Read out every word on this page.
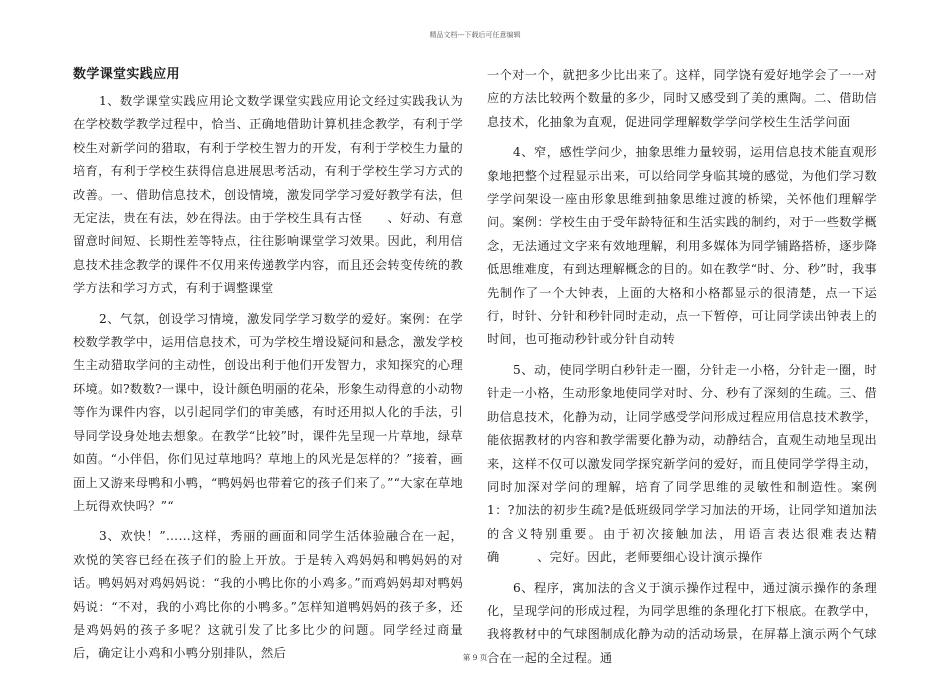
精品文档---下载后可任意编辑
数学课堂实践应用

1、数学课堂实践应用论文数学课堂实践应用论文经过实践我认为在学校数学教学过程中，恰当、正确地借助计算机挂念教学，有利于学校生对新学问的猎取，有利于学校生智力的开发，有利于学校生力量的培育，有利于学校生获得信息进展思考活动，有利于学校生学习方式的改善。一、借助信息技术，创设情境，激发同学学习爱好教学有法，但无定法，贵在有法，妙在得法。由于学校生具有古怪　　、好动、有意留意时间短、长期性差等特点，往往影响课堂学习效果。因此，利用信息技术挂念教学的课件不仅用来传递教学内容，而且还会转变传统的教学方法和学习方式，有利于调整课堂

2、气氛，创设学习情境，激发同学学习数学的爱好。案例：在学校数学教学中，运用信息技术，可为学校生增设疑问和悬念，激发学校生主动猎取学问的主动性，创设出利于他们开发智力，求知探究的心理环境。如?数数?一课中，设计颜色明丽的花朵，形象生动得意的小动物等作为课件内容，以引起同学们的审美感，有时还用拟人化的手法，引导同学设身处地去想象。在教学“比较”时，课件先呈现一片草地，绿草如茵。“小伴侣，你们见过草地吗？草地上的风光是怎样的？”接着，画面上又游来母鸭和小鸭，“鸭妈妈也带着它的孩子们来了。”“大家在草地上玩得欢快吗？”“

3、欢快！”……这样，秀丽的画面和同学生活体验融合在一起，欢悦的笑容已经在孩子们的脸上开放。于是转入鸡妈妈和鸭妈妈的对话。鸭妈妈对鸡妈妈说：“我的小鸭比你的小鸡多。”而鸡妈妈却对鸭妈妈说：“不对，我的小鸡比你的小鸭多。”怎样知道鸭妈妈的孩子多，还是鸡妈妈的孩子多呢？这就引发了比多比少的问题。同学经过商量 后，确定让小鸡和小鸭分别排队，然后

一个对一个，就把多少比出来了。这样，同学饶有爱好地学会了一一对应的方法比较两个数量的多少，同时又感受到了美的熏陶。二、借助信息技术，化抽象为直观，促进同学理解数学学问学校生生活学问面

4、窄，感性学问少，抽象思维力量较弱，运用信息技术能直观形象地把整个过程显示出来，可以给同学身临其境的感觉，为他们学习数学学问架设一座由形象思维到抽象思维过渡的桥梁，关怀他们理解学问。案例：学校生由于受年龄特征和生活实践的制约，对于一些数学概念，无法通过文字来有效地理解，利用多媒体为同学铺路搭桥，逐步降低思维难度，有到达理解概念的目的。如在教学“时、分、秒”时，我事先制作了一个大钟表，上面的大格和小格都显示的很清楚，点一下运行，时针、分针和秒针同时走动，点一下暂停，可让同学读出钟表上的时间，也可拖动秒针或分针自动转

5、动，使同学明白秒针走一圈，分针走一小格，分针走一圈，时针走一小格，生动形象地使同学对时、分、秒有了深刻的生疏。三、借助信息技术，化静为动，让同学感受学问形成过程应用信息技术教学，能依据教材的内容和教学需要化静为动，动静结合，直观生动地呈现出来，这样不仅可以激发同学探究新学问的爱好，而且使同学学得主动，同时加深对学问的理解，培育了同学思维的灵敏性和制造性。案例1：?加法的初步生疏?是低班级同学学习加法的开场，让同学知道加法的含义特别重要。由于初次接触加法，用语言表达很难表达精确　　　、完好。因此，老师要细心设计演示操作

6、程序，寓加法的含义于演示操作过程中，通过演示操作的条理化，呈现学问的形成过程，为同学思维的条理化打下根底。在教学中，我将教材中的气球图制成化静为动的活动场景，在屏幕上演示两个气球合在一起的全过程。通

第 9 页
